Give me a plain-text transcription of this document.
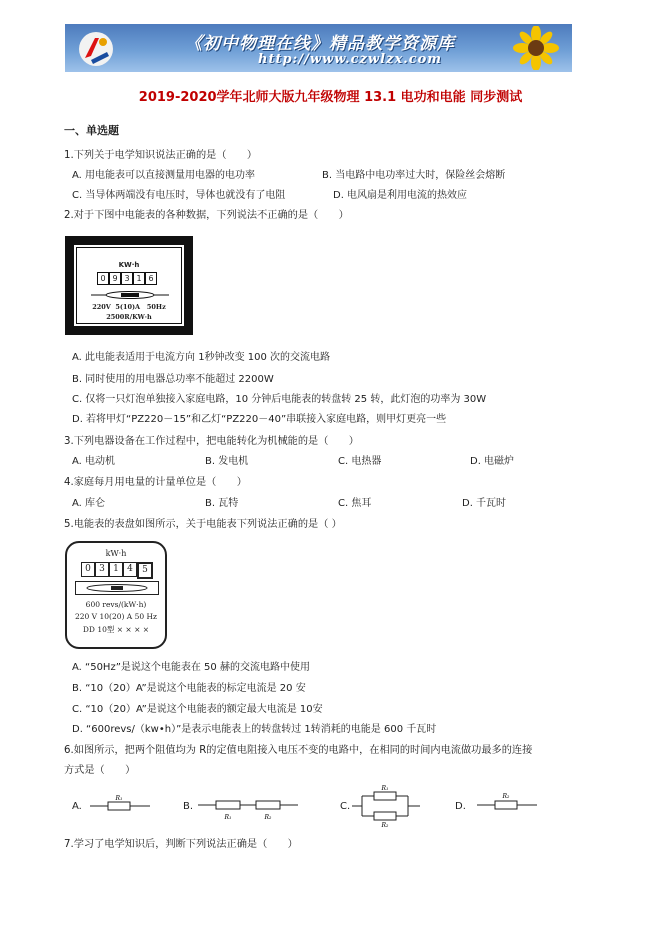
《初中物理在线》精品教学资源库
http://www.czwlzx.com
2019-2020学年北师大版九年级物理 13.1 电功和电能 同步测试
一、单选题
1.下列关于电学知识说法正确的是（　　）
A. 用电能表可以直接测量用电器的电功率	B. 当电路中电功率过大时，保险丝会熔断
C. 当导体两端没有电压时，导体也就没有了电阻	D. 电风扇是利用电流的热效应
2.对于下图中电能表的各种数据，下列说法不正确的是（　　）
KW·h
0 9 3 1 6
220V  5(10)A   50Hz
2500R/KW·h
A. 此电能表适用于电流方向 1秒钟改变 100 次的交流电路
B. 同时使用的用电器总功率不能超过 2200W
C. 仅将一只灯泡单独接入家庭电路，10 分钟后电能表的转盘转 25 转，此灯泡的功率为 30W
D. 若将甲灯“PZ220－15”和乙灯“PZ220－40”串联接入家庭电路，则甲灯更亮一些
3.下列电器设备在工作过程中，把电能转化为机械能的是（　　）
A. 电动机	B. 发电机	C. 电热器	D. 电磁炉
4.家庭每月用电量的计量单位是（　　）
A. 库仑	B. 瓦特	C. 焦耳	D. 千瓦时
5.电能表的表盘如图所示，关于电能表下列说法正确的是（ ）
kW·h
0 3 1 4	5
600 revs/(kW·h)
220 V 10(20) A 50 Hz
DD 10型 × × × ×
A. “50Hz”是说这个电能表在 50 赫的交流电路中使用
B. “10（20）A”是说这个电能表的标定电流是 20 安
C. “10（20）A”是说这个电能表的额定最大电流是 10安
D. “600revs/（kw•h）”是表示电能表上的转盘转过 1转消耗的电能是 600 千瓦时
6.如图所示，把两个阻值均为 R的定值电阻接入电压不变的电路中，在相同的时间内电流做功最多的连接
方式是（　　）
A.
R₁
B.
R₁	R₂
C.
R₁
R₂
D.
R₂
7.学习了电学知识后，判断下列说法正确是（　　）
